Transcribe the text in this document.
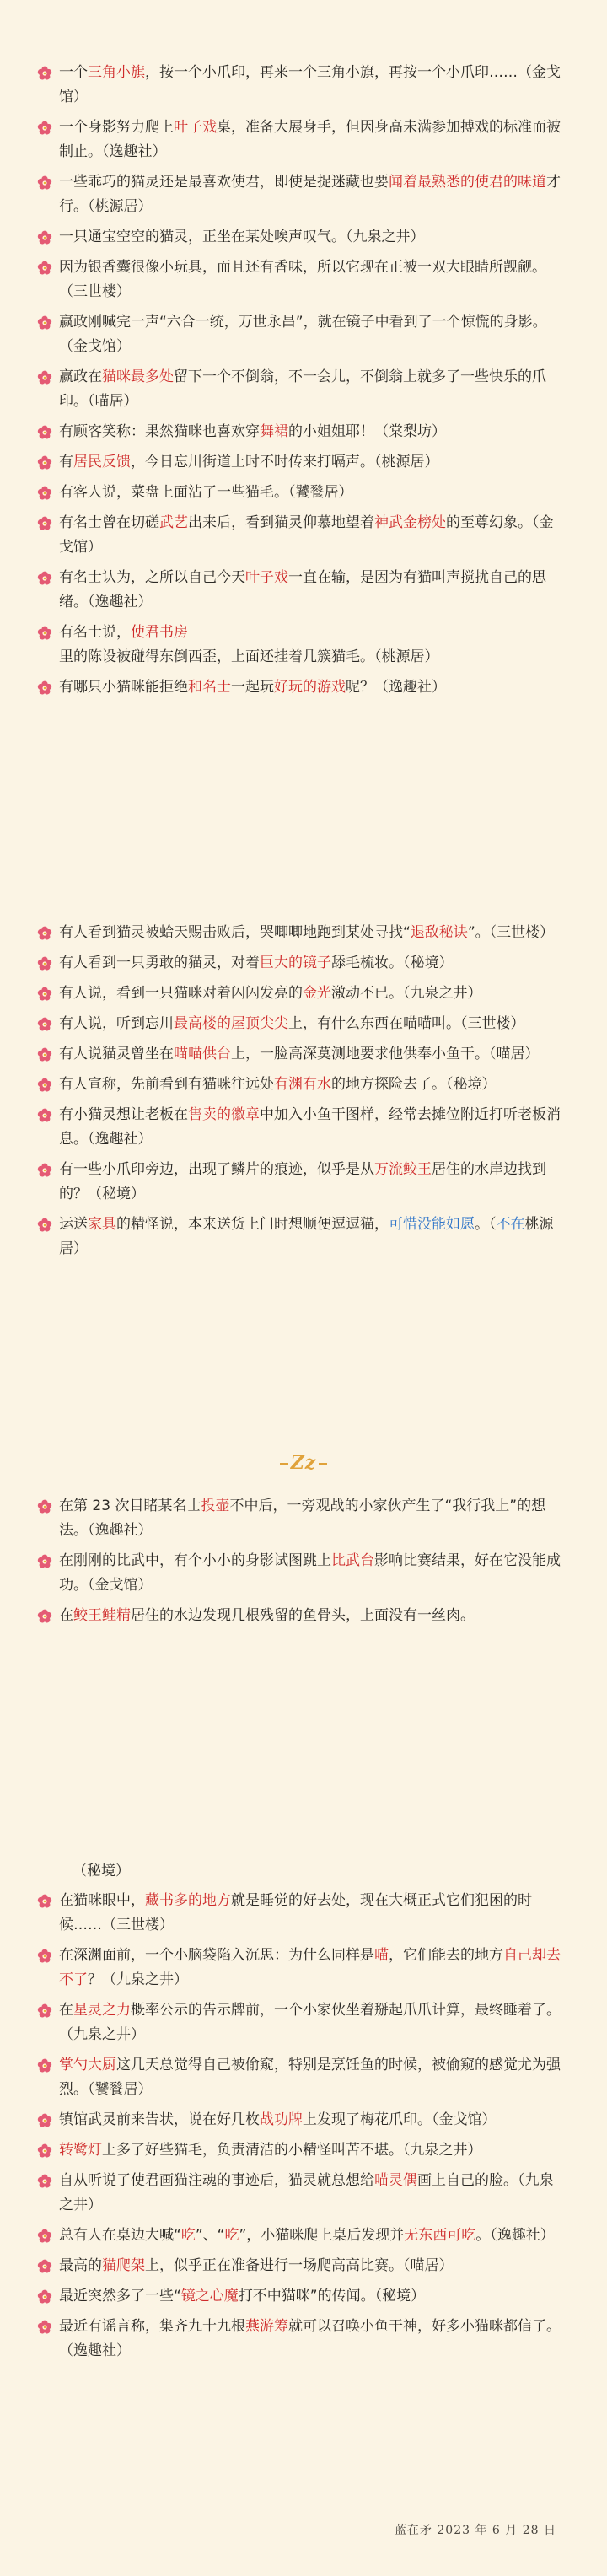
一个三角小旗，按一个小爪印，再来一个三角小旗，再按一个小爪印……（金戈馆）
一个身影努力爬上叶子戏桌，准备大展身手，但因身高未满参加搏戏的标准而被制止。（逸趣社）
一些乖巧的猫灵还是最喜欢使君，即使是捉迷藏也要闻着最熟悉的使君的味道才行。（桃源居）
一只通宝空空的猫灵，正坐在某处唉声叹气。（九泉之井）
因为银香囊很像小玩具，而且还有香味，所以它现在正被一双大眼睛所觊觎。（三世楼）
赢政刚喊完一声“六合一统，万世永昌”，就在镜子中看到了一个惊慌的身影。（金戈馆）
赢政在猫咪最多处留下一个不倒翁，不一会儿，不倒翁上就多了一些快乐的爪印。（喵居）
有顾客笑称：果然猫咪也喜欢穿舞裙的小姐姐耶！（棠梨坊）
有居民反馈，今日忘川街道上时不时传来打嗝声。（桃源居）
有客人说，菜盘上面沾了一些猫毛。（饕餮居）
有名士曾在切磋武艺出来后，看到猫灵仰慕地望着神武金榜处的至尊幻象。（金戈馆）
有名士认为，之所以自己今天叶子戏一直在输，是因为有猫叫声搅扰自己的思绪。（逸趣社）
有名士说，使君书房里的陈设被碰得东倒西歪，上面还挂着几簇猫毛。（桃源居）
有哪只小猫咪能拒绝和名士一起玩好玩的游戏呢？（逸趣社）
有人看到猫灵被蛤天赐击败后，哭唧唧地跑到某处寻找“退敌秘诀”。（三世楼）
有人看到一只勇敢的猫灵，对着巨大的镜子舔毛梳妆。（秘境）
有人说，看到一只猫咪对着闪闪发亮的金光激动不已。（九泉之井）
有人说，听到忘川最高楼的屋顶尖尖上，有什么东西在喵喵叫。（三世楼）
有人说猫灵曾坐在喵喵供台上，一脸高深莫测地要求他供奉小鱼干。（喵居）
有人宣称，先前看到有猫咪往远处有渊有水的地方探险去了。（秘境）
有小猫灵想让老板在售卖的徽章中加入小鱼干图样，经常去摊位附近打听老板消息。（逸趣社）
有一些小爪印旁边，出现了鳞片的痕迹，似乎是从万流鲛王居住的水岸边找到的？（秘境）
运送家具的精怪说，本来送货上门时想顺便逗逗猫，可惜没能如愿。（不在桃源居）
Zz
在第 23 次目睹某名士投壶不中后，一旁观战的小家伙产生了“我行我上”的想法。（逸趣社）
在刚刚的比武中，有个小小的身影试图跳上比武台影响比赛结果，好在它没能成功。（金戈馆）
在鲛王鲑精居住的水边发现几根残留的鱼骨头，上面没有一丝肉。
（秘境）
在猫咪眼中，藏书多的地方就是睡觉的好去处，现在大概正式它们犯困的时候……（三世楼）
在深渊面前，一个小脑袋陷入沉思：为什么同样是喵，它们能去的地方自己却去不了？（九泉之井）
在星灵之力概率公示的告示牌前，一个小家伙坐着掰起爪爪计算，最终睡着了。（九泉之井）
掌勺大厨这几天总觉得自己被偷窥，特别是烹饪鱼的时候，被偷窥的感觉尤为强烈。（饕餮居）
镇馆武灵前来告状，说在好几枚战功牌上发现了梅花爪印。（金戈馆）
转鹭灯上多了好些猫毛，负责清洁的小精怪叫苦不堪。（九泉之井）
自从听说了使君画猫注魂的事迹后，猫灵就总想给喵灵偶画上自己的脸。（九泉之井）
总有人在桌边大喊“吃”、“吃”，小猫咪爬上桌后发现并无东西可吃。（逸趣社）
最高的猫爬架上，似乎正在准备进行一场爬高高比赛。（喵居）
最近突然多了一些“镜之心魔打不中猫咪”的传闻。（秘境）
最近有谣言称，集齐九十九根燕游筹就可以召唤小鱼干神，好多小猫咪都信了。（逸趣社）
蓝在矛 2023 年 6 月 28 日
